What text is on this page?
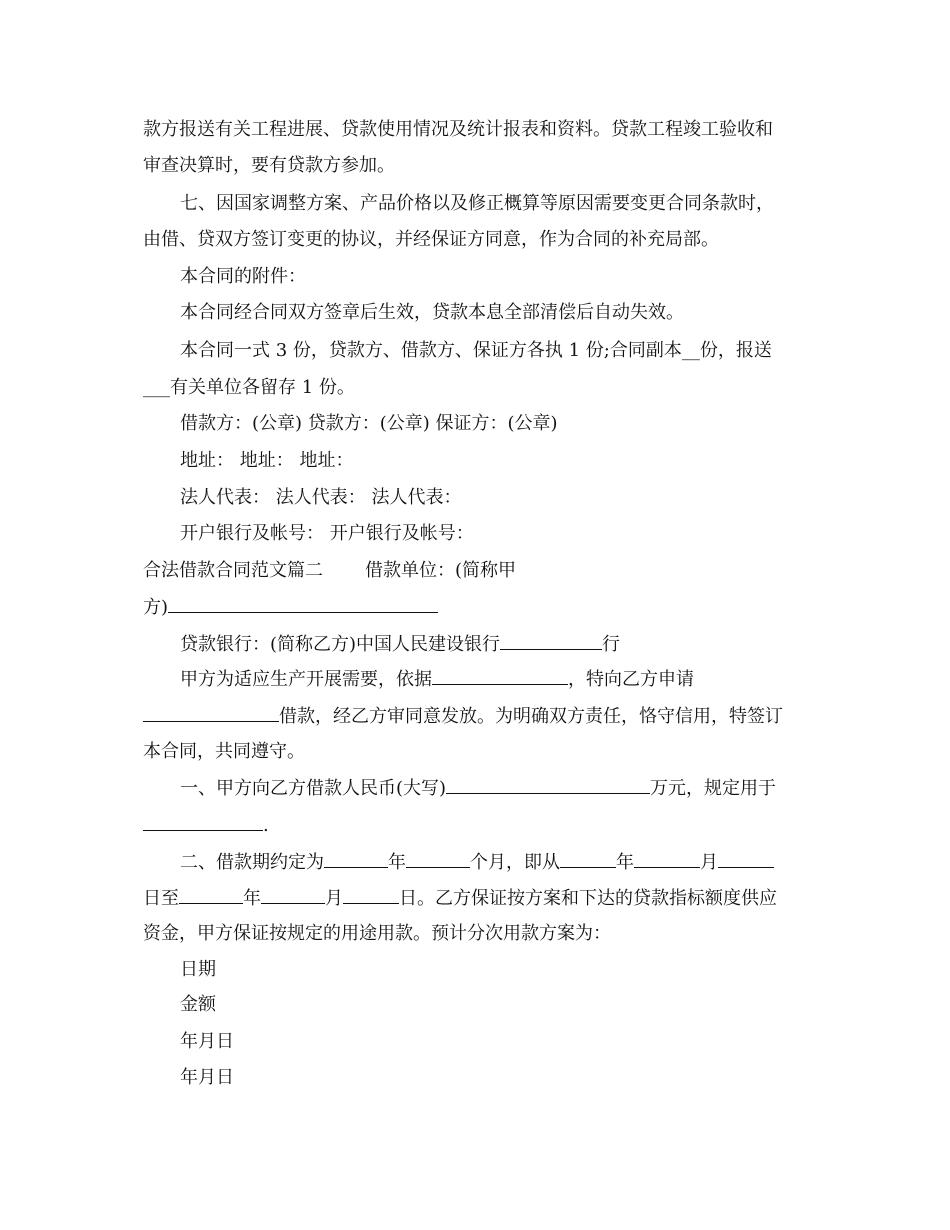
款方报送有关工程进展、贷款使用情况及统计报表和资料。贷款工程竣工验收和
审查决算时，要有贷款方参加。
七、因国家调整方案、产品价格以及修正概算等原因需要变更合同条款时，
由借、贷双方签订变更的协议，并经保证方同意，作为合同的补充局部。
本合同的附件：
本合同经合同双方签章后生效，贷款本息全部清偿后自动失效。
本合同一式 3 份，贷款方、借款方、保证方各执 1 份;合同副本__份，报送
___有关单位各留存 1 份。
借款方：(公章) 贷款方：(公章) 保证方：(公章)
地址： 地址： 地址：
法人代表： 法人代表： 法人代表：
开户银行及帐号： 开户银行及帐号：
合法借款合同范文篇二 借款单位：(简称甲
方)
贷款银行：(简称乙方)中国人民建设银行	行
甲方为适应生产开展需要，依据	，特向乙方申请
借款，经乙方审同意发放。为明确双方责任，恪守信用，特签订
本合同，共同遵守。
一、甲方向乙方借款人民币(大写)	万元，规定用于
.
二、借款期约定为	年	个月，即从	年	月
日至	年	月	日。乙方保证按方案和下达的贷款指标额度供应
资金，甲方保证按规定的用途用款。预计分次用款方案为：
日期
金额
年月日
年月日
